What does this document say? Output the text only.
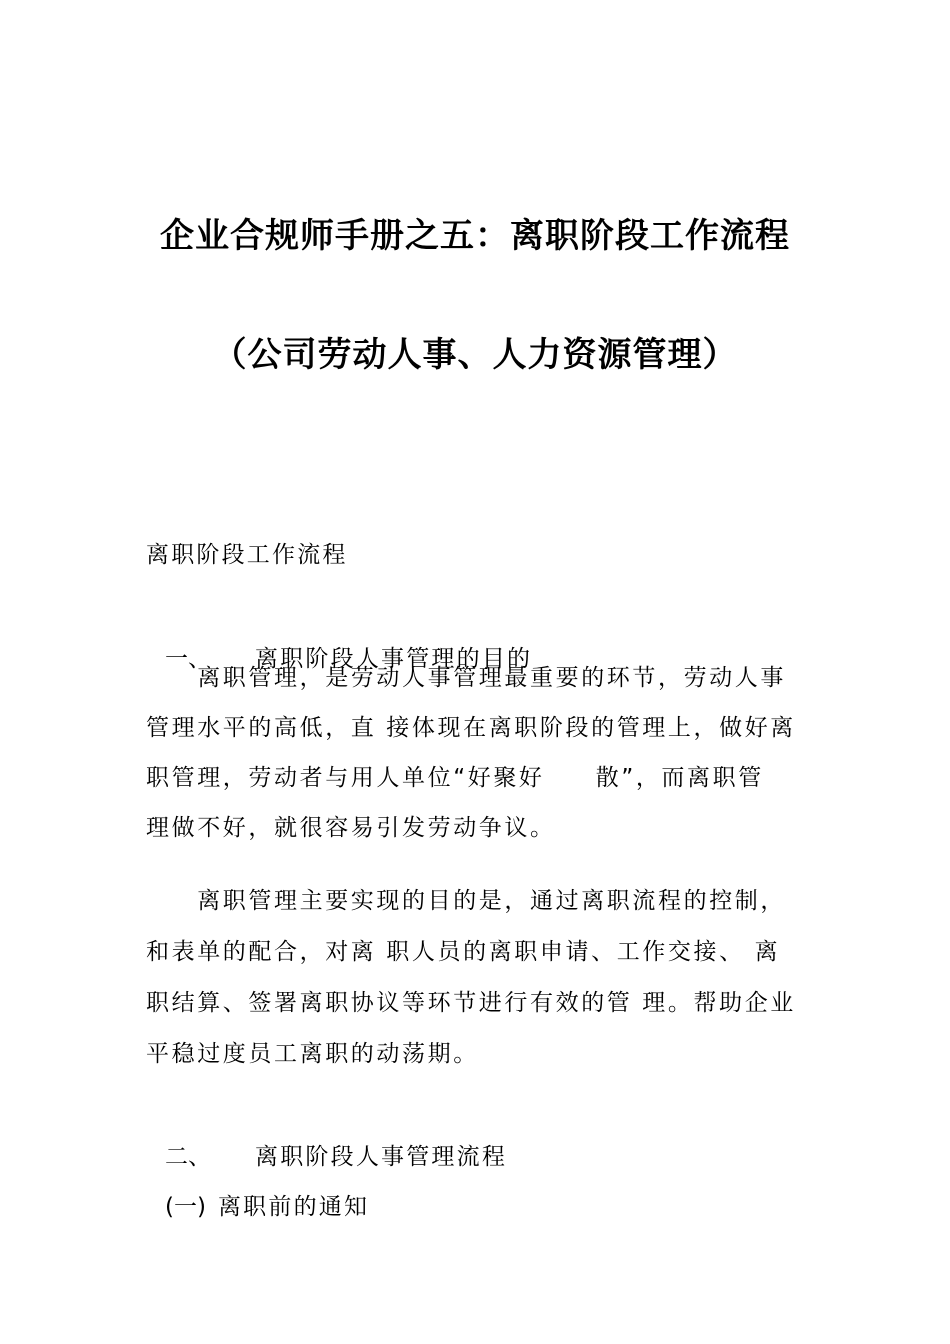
企业合规师手册之五：离职阶段工作流程
（公司劳动人事、人力资源管理）
离职阶段工作流程

一、 离职阶段人事管理的目的

　　离职管理，是劳动人事管理最重要的环节，劳动人事
管理水平的高低，直 接体现在离职阶段的管理上，做好离
职管理，劳动者与用人单位“好聚好　　散”，而离职管
理做不好，就很容易引发劳动争议。
　　离职管理主要实现的目的是，通过离职流程的控制，
和表单的配合，对离 职人员的离职申请、工作交接、 离
职结算、签署离职协议等环节进行有效的管 理。帮助企业
平稳过度员工离职的动荡期。

二、 离职阶段人事管理流程

(一) 离职前的通知
